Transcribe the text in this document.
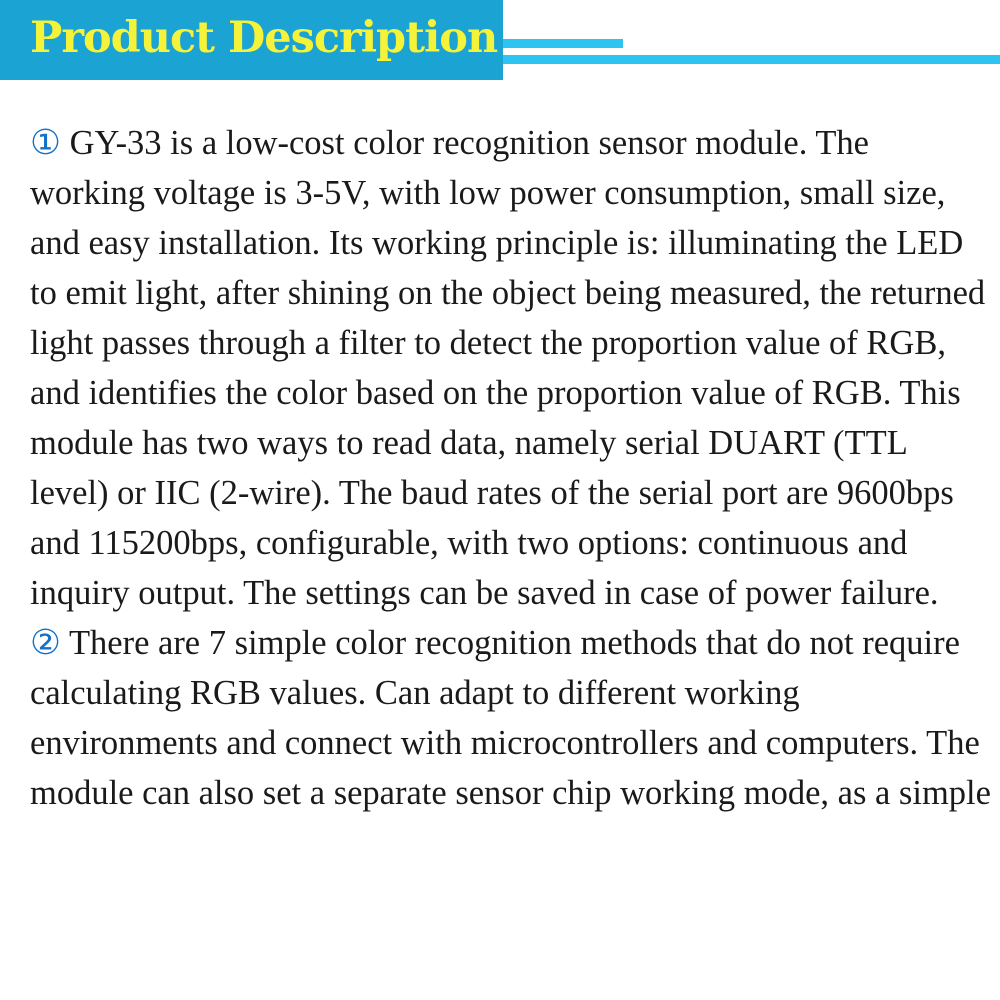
Product Description

① GY-33 is a low-cost color recognition sensor module. The working voltage is 3-5V, with low power consumption, small size, and easy installation. Its working principle is: illuminating the LED to emit light, after shining on the object being measured, the returned light passes through a filter to detect the proportion value of RGB, and identifies the color based on the proportion value of RGB. This module has two ways to read data, namely serial DUART (TTL level) or IIC (2-wire). The baud rates of the serial port are 9600bps and 115200bps, configurable, with two options: continuous and inquiry output. The settings can be saved in case of power failure.

② There are 7 simple color recognition methods that do not require calculating RGB values. Can adapt to different working environments and connect with microcontrollers and computers. The module can also set a separate sensor chip working mode, as a simple
